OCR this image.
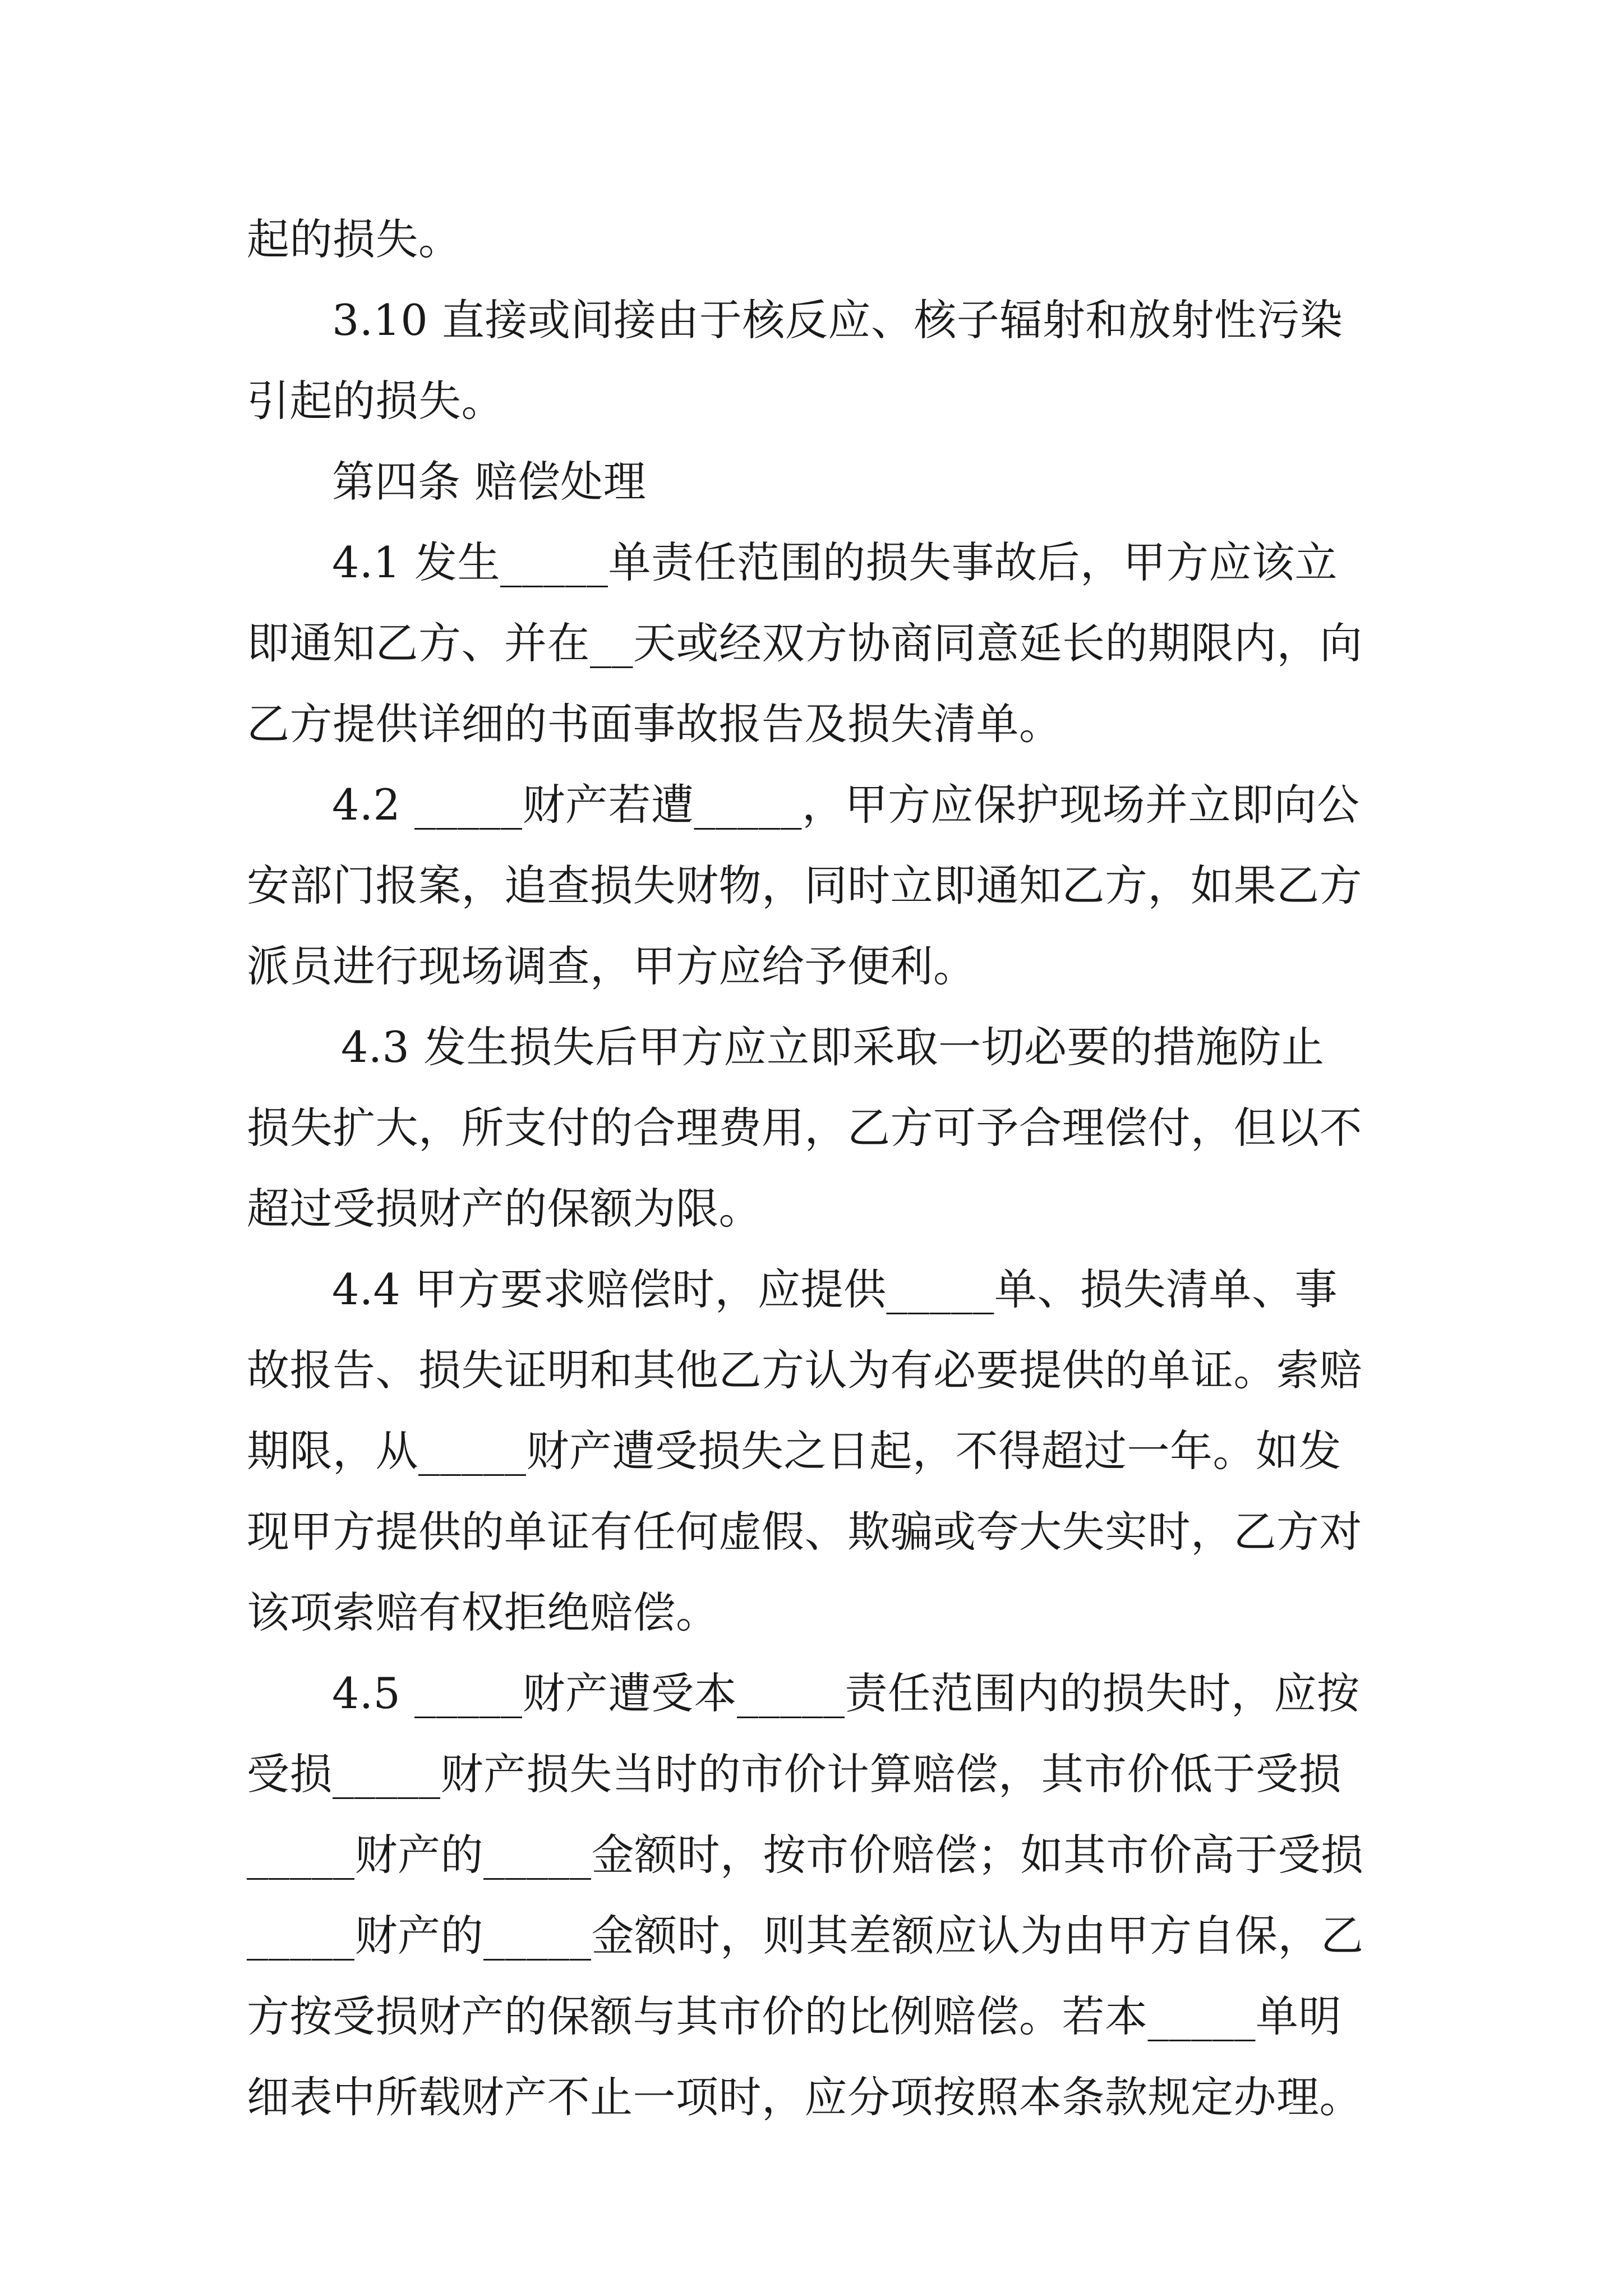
起的损失。
3.10 直接或间接由于核反应、核子辐射和放射性污染
引起的损失。
第四条 赔偿处理
4.1 发生_____单责任范围的损失事故后，甲方应该立
即通知乙方、并在__天或经双方协商同意延长的期限内，向
乙方提供详细的书面事故报告及损失清单。
4.2 _____财产若遭_____，甲方应保护现场并立即向公
安部门报案，追查损失财物，同时立即通知乙方，如果乙方
派员进行现场调查，甲方应给予便利。
4.3 发生损失后甲方应立即采取一切必要的措施防止
损失扩大，所支付的合理费用，乙方可予合理偿付，但以不
超过受损财产的保额为限。
4.4 甲方要求赔偿时，应提供_____单、损失清单、事
故报告、损失证明和其他乙方认为有必要提供的单证。索赔
期限，从_____财产遭受损失之日起，不得超过一年。如发
现甲方提供的单证有任何虚假、欺骗或夸大失实时，乙方对
该项索赔有权拒绝赔偿。
4.5 _____财产遭受本_____责任范围内的损失时，应按
受损_____财产损失当时的市价计算赔偿，其市价低于受损
_____财产的_____金额时，按市价赔偿；如其市价高于受损
_____财产的_____金额时，则其差额应认为由甲方自保，乙
方按受损财产的保额与其市价的比例赔偿。若本_____单明
细表中所载财产不止一项时，应分项按照本条款规定办理。
